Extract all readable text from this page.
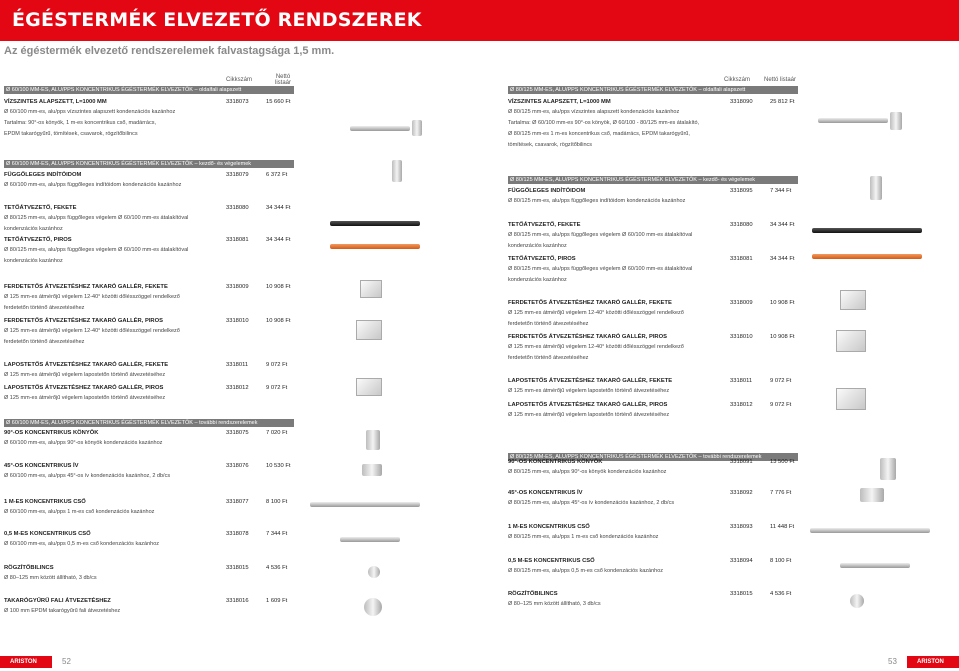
ÉGÉSTERMÉK ELVEZETŐ RENDSZEREK
Az égéstermék elvezető rendszerelemek falvastagsága 1,5 mm.
Cikkszám	Nettó listaár
Ø 60/100 MM-ES, ALU/PPS KONCENTRIKUS ÉGÉSTERMÉK ELVEZETŐK – oldalfali alapszett
VÍZSZINTES ALAPSZETT, L=1000 MM	3318073	15 660 Ft
Ø 60/100 mm-es, alu/pps vízszintes alapszett kondenzációs kazánhoz
Tartalma: 90°-os könyök, 1 m-es koncentrikus cső, madárrács,
EPDM takarógyűrű, tömítések, csavarok, rögzítőbilincs
Ø 60/100 MM-ES, ALU/PPS KONCENTRIKUS ÉGÉSTERMÉK ELVEZETŐK – kezdő- és végelemek
FÜGGŐLEGES INDÍTÓIDOM	3318079	6 372 Ft
Ø 60/100 mm-es, alu/pps függőleges indítóidom kondenzációs kazánhoz
TETŐÁTVEZETŐ, FEKETE	3318080	34 344 Ft
Ø 80/125 mm-es, alu/pps függőleges végelem Ø 60/100 mm-es átalakítóval
kondenzációs kazánhoz
TETŐÁTVEZETŐ, PIROS	3318081	34 344 Ft
Ø 80/125 mm-es, alu/pps függőleges végelem Ø 60/100 mm-es átalakítóval
kondenzációs kazánhoz
FERDETETŐS ÁTVEZETÉSHEZ TAKARÓ GALLÉR, FEKETE	3318009	10 908 Ft
Ø 125 mm-es átmérőjű végelem 12-40° közötti dőlésszöggel rendelkező
ferdetetőn történő átvezetéséhez
FERDETETŐS ÁTVEZETÉSHEZ TAKARÓ GALLÉR, PIROS	3318010	10 908 Ft
Ø 125 mm-es átmérőjű végelem 12-40° közötti dőlésszöggel rendelkező
ferdetetőn történő átvezetéséhez
LAPOSTETŐS ÁTVEZETÉSHEZ TAKARÓ GALLÉR, FEKETE	3318011	9 072 Ft
Ø 125 mm-es átmérőjű végelem lapostetőn történő átvezetéséhez
LAPOSTETŐS ÁTVEZETÉSHEZ TAKARÓ GALLÉR, PIROS	3318012	9 072 Ft
Ø 125 mm-es átmérőjű végelem lapostetőn történő átvezetéséhez
Ø 60/100 MM-ES, ALU/PPS KONCENTRIKUS ÉGÉSTERMÉK ELVEZETŐK – további rendszerelemek
90°-OS KONCENTRIKUS KÖNYÖK	3318075	7 020 Ft
Ø 60/100 mm-es, alu/pps 90°-os könyök kondenzációs kazánhoz
45°-OS KONCENTRIKUS ÍV	3318076	10 530 Ft
Ø 60/100 mm-es, alu/pps 45°-os ív kondenzációs kazánhoz, 2 db/cs
1 M-ES KONCENTRIKUS CSŐ	3318077	8 100 Ft
Ø 60/100 mm-es, alu/pps 1 m-es cső kondenzációs kazánhoz
0,5 M-ES KONCENTRIKUS CSŐ	3318078	7 344 Ft
Ø 60/100 mm-es, alu/pps 0,5 m-es cső kondenzációs kazánhoz
RÖGZÍTŐBILINCS	3318015	4 536 Ft
Ø 80–125 mm között állítható, 3 db/cs
TAKARÓGYŰRŰ FALI ÁTVEZETÉSHEZ	3318016	1 609 Ft
Ø 100 mm EPDM takarógyűrű fali átvezetéshez
Cikkszám Nettó listaár
Ø 80/125 MM-ES, ALU/PPS KONCENTRIKUS ÉGÉSTERMÉK ELVEZETŐK – oldalfali alapszett
VÍZSZINTES ALAPSZETT, L=1000 MM	3318090	25 812 Ft
Ø 80/125 mm-es, alu/pps vízszintes alapszett kondenzációs kazánhoz
Tartalma: Ø 60/100 mm-es 90°-os könyök, Ø 60/100 - 80/125 mm-es átalakító,
Ø 80/125 mm-es 1 m-es koncentrikus cső, madárrács, EPDM takarógyűrű,
tömítések, csavarok, rögzítőbilincs
Ø 80/125 MM-ES, ALU/PPS KONCENTRIKUS ÉGÉSTERMÉK ELVEZETŐK – kezdő- és végelemek
FÜGGŐLEGES INDÍTÓIDOM	3318095	7 344 Ft
Ø 80/125 mm-es, alu/pps függőleges indítóidom kondenzációs kazánhoz
TETŐÁTVEZETŐ, FEKETE	3318080	34 344 Ft
Ø 80/125 mm-es, alu/pps függőleges végelem Ø 60/100 mm-es átalakítóval
kondenzációs kazánhoz
TETŐÁTVEZETŐ, PIROS	3318081	34 344 Ft
Ø 80/125 mm-es, alu/pps függőleges végelem Ø 60/100 mm-es átalakítóval
kondenzációs kazánhoz
FERDETETŐS ÁTVEZETÉSHEZ TAKARÓ GALLÉR, FEKETE	3318009	10 908 Ft
Ø 125 mm-es átmérőjű végelem 12-40° közötti dőlésszöggel rendelkező
ferdetetőn történő átvezetéséhez
FERDETETŐS ÁTVEZETÉSHEZ TAKARÓ GALLÉR, PIROS	3318010	10 908 Ft
Ø 125 mm-es átmérőjű végelem 12-40° közötti dőlésszöggel rendelkező
ferdetetőn történő átvezetéséhez
LAPOSTETŐS ÁTVEZETÉSHEZ TAKARÓ GALLÉR, FEKETE	3318011	9 072 Ft
Ø 125 mm-es átmérőjű végelem lapostetőn történő átvezetéséhez
LAPOSTETŐS ÁTVEZETÉSHEZ TAKARÓ GALLÉR, PIROS	3318012	9 072 Ft
Ø 125 mm-es átmérőjű végelem lapostetőn történő átvezetéséhez
Ø 80/125 MM-ES, ALU/PPS KONCENTRIKUS ÉGÉSTERMÉK ELVEZETŐK – további rendszerelemek
90°-OS KONCENTRIKUS KÖNYÖK	3318091	13 500 Ft
Ø 80/125 mm-es, alu/pps 90°-os könyök kondenzációs kazánhoz
45°-OS KONCENTRIKUS ÍV	3318092	7 776 Ft
Ø 80/125 mm-es, alu/pps 45°-os ív kondenzációs kazánhoz, 2 db/cs
1 M-ES KONCENTRIKUS CSŐ	3318093	11 448 Ft
Ø 80/125 mm-es, alu/pps 1 m-es cső kondenzációs kazánhoz
0,5 M-ES KONCENTRIKUS CSŐ	3318094	8 100 Ft
Ø 80/125 mm-es, alu/pps 0,5 m-es cső kondenzációs kazánhoz
RÖGZÍTŐBILINCS	3318015	4 536 Ft
Ø 80–125 mm között állítható, 3 db/cs
ARISTON	52	53	ARISTON
